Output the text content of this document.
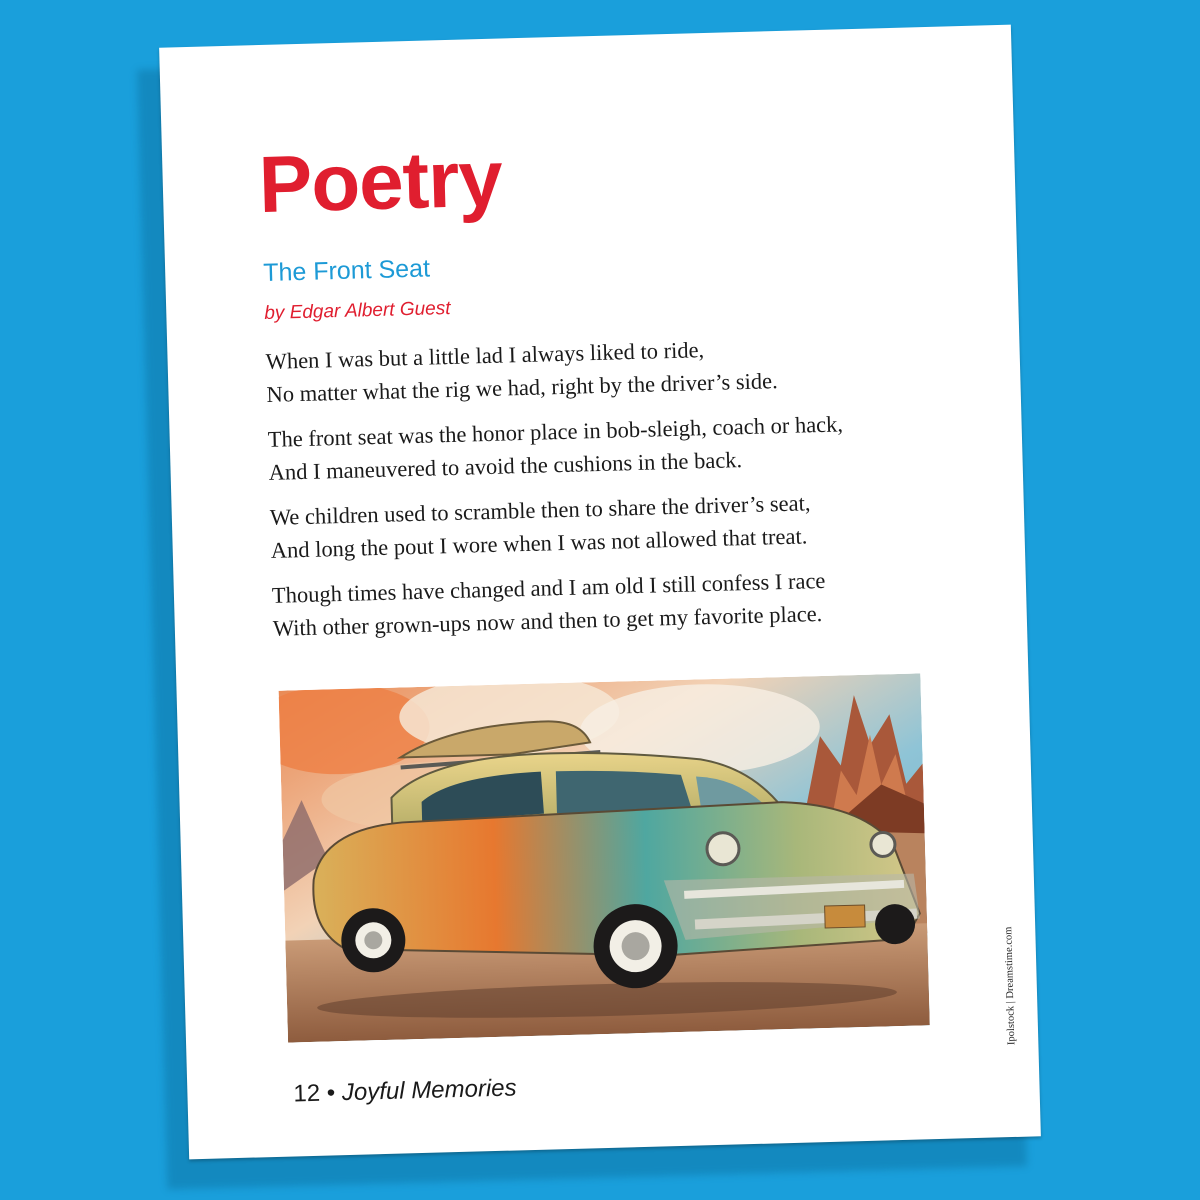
Poetry
The Front Seat

by Edgar Albert Guest

When I was but a little lad I always liked to ride,
No matter what the rig we had, right by the driver’s side.

The front seat was the honor place in bob-sleigh, coach or hack,
And I maneuvered to avoid the cushions in the back.

We children used to scramble then to share the driver’s seat,
And long the pout I wore when I was not allowed that treat.

Though times have changed and I am old I still confess I race
With other grown-ups now and then to get my favorite place.

12 • Joyful Memories
Ipolstock | Dreamstime.com
